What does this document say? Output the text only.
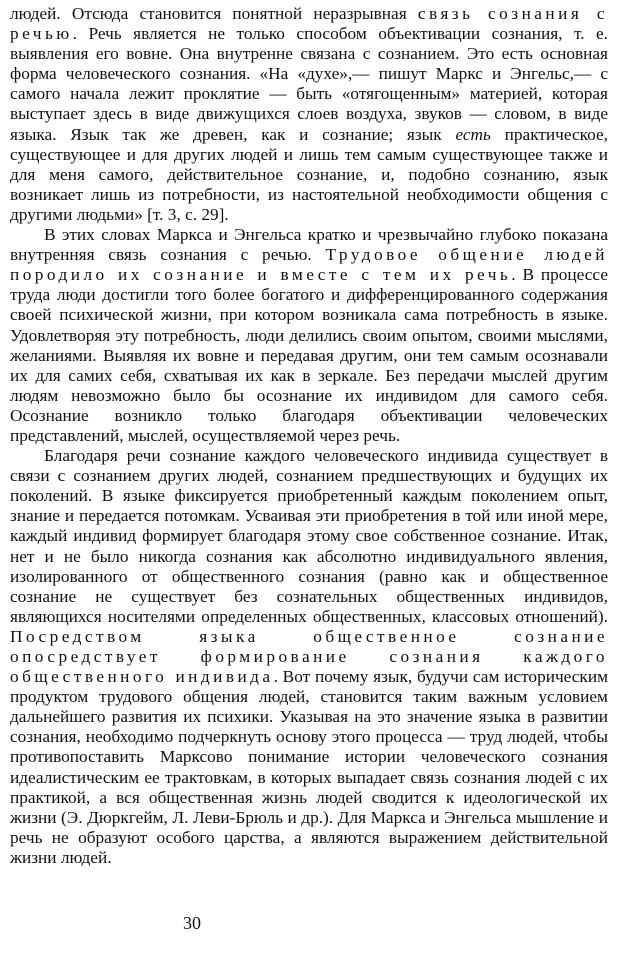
людей. Отсюда становится понятной неразрывная связь сознания с речью. Речь является не только способом объективации сознания, т. е. выявления его вовне. Она внутренне связана с сознанием. Это есть основная форма человеческого сознания. «На «духе»,— пишут Маркс и Энгельс,— с самого начала лежит проклятие — быть «отягощенным» материей, которая выступает здесь в виде движущихся слоев воздуха, звуков — словом, в виде языка. Язык так же древен, как и сознание; язык есть практическое, существующее и для других людей и лишь тем самым существующее также и для меня самого, действительное сознание, и, подобно сознанию, язык возникает лишь из потребности, из настоятельной необходимости общения с другими людьми» [т. 3, с. 29].

В этих словах Маркса и Энгельса кратко и чрезвычайно глубоко показана внутренняя связь сознания с речью. Трудовое общение людей породило их сознание и вместе с тем их речь. В процессе труда люди достигли того более богатого и дифференцированного содержания своей психической жизни, при котором возникала сама потребность в языке. Удовлетворяя эту потребность, люди делились своим опытом, своими мыслями, желаниями. Выявляя их вовне и передавая другим, они тем самым осознавали их для самих себя, схватывая их как в зеркале. Без передачи мыслей другим людям невозможно было бы осознание их индивидом для самого себя. Осознание возникло только благодаря объективации человеческих представлений, мыслей, осуществляемой через речь.

Благодаря речи сознание каждого человеческого индивида существует в связи с сознанием других людей, сознанием предшествующих и будущих их поколений. В языке фиксируется приобретенный каждым поколением опыт, знание и передается потомкам. Усваивая эти приобретения в той или иной мере, каждый индивид формирует благодаря этому свое собственное сознание. Итак, нет и не было никогда сознания как абсолютно индивидуального явления, изолированного от общественного сознания (равно как и общественное сознание не существует без сознательных общественных индивидов, являющихся носителями определенных общественных, классовых отношений). Посредством языка общественное сознание опосредствует формирование сознания каждого общественного индивида. Вот почему язык, будучи сам историческим продуктом трудового общения людей, становится таким важным условием дальнейшего развития их психики. Указывая на это значение языка в развитии сознания, необходимо подчеркнуть основу этого процесса — труд людей, чтобы противопоставить Марксово понимание истории человеческого сознания идеалистическим ее трактовкам, в которых выпадает связь сознания людей с их практикой, а вся общественная жизнь людей сводится к идеологической их жизни (Э. Дюркгейм, Л. Леви-Брюль и др.). Для Маркса и Энгельса мышление и речь не образуют особого царства, а являются выражением действительной жизни людей.

30
